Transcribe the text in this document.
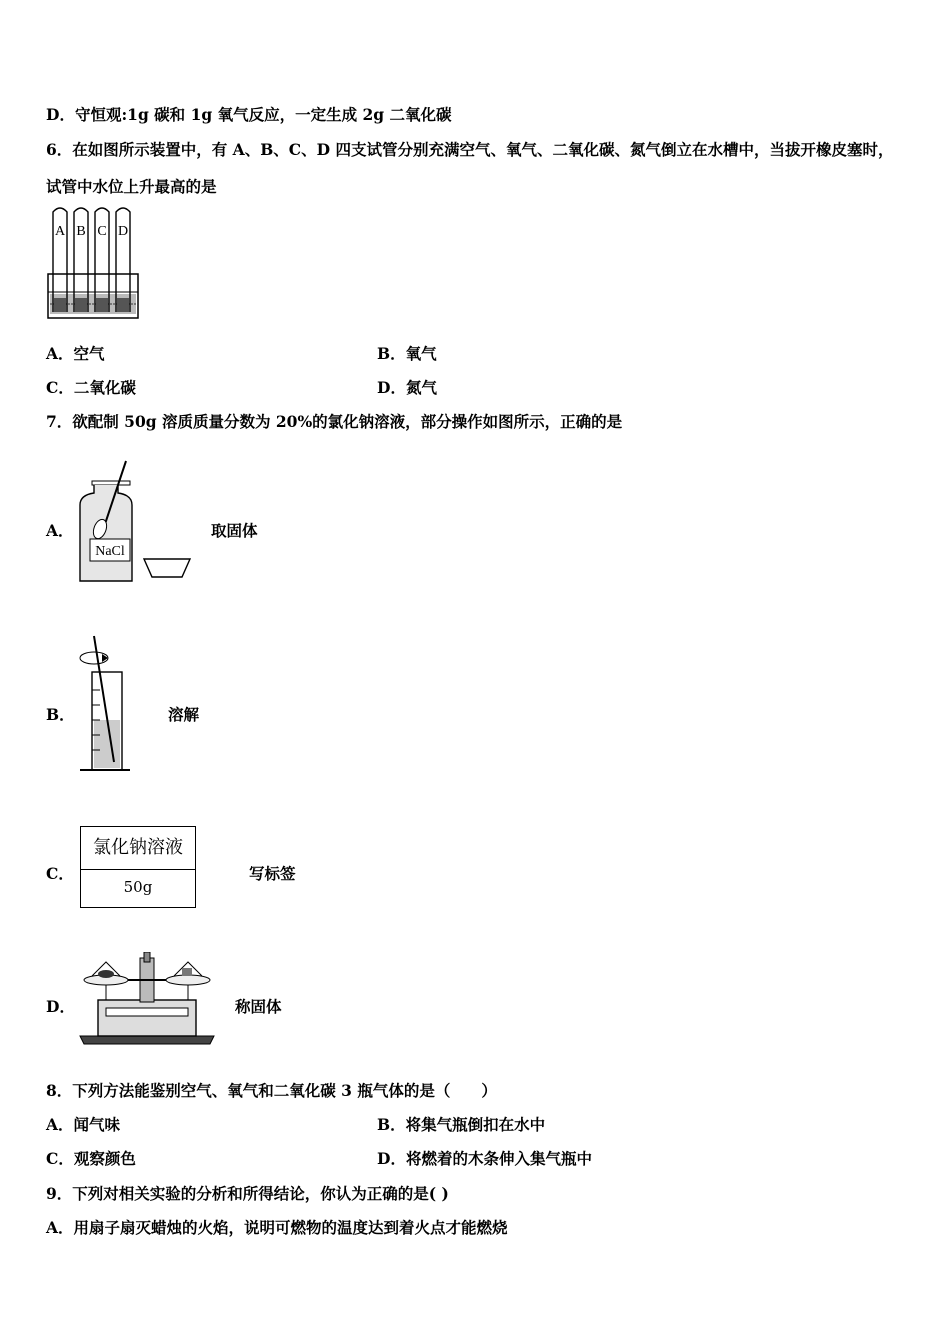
D．守恒观:1g 碳和 1g 氧气反应，一定生成 2g 二氧化碳
6．在如图所示装置中，有 A、B、C、D 四支试管分别充满空气、氧气、二氧化碳、氮气倒立在水槽中，当拔开橡皮塞时，
试管中水位上升最高的是
A B C D
A．空气	B．氧气
C．二氧化碳	D．氮气
7．欲配制 50g 溶质质量分数为 20%的氯化钠溶液，部分操作如图所示，正确的是
A．
NaCl
取固体
B．	溶解
C．
氯化钠溶液
50g
写标签
D．	称固体
8．下列方法能鉴别空气、氧气和二氧化碳 3 瓶气体的是（　　）
A．闻气味	B．将集气瓶倒扣在水中
C．观察颜色	D．将燃着的木条伸入集气瓶中
9．下列对相关实验的分析和所得结论，你认为正确的是( )
A．用扇子扇灭蜡烛的火焰，说明可燃物的温度达到着火点才能燃烧
